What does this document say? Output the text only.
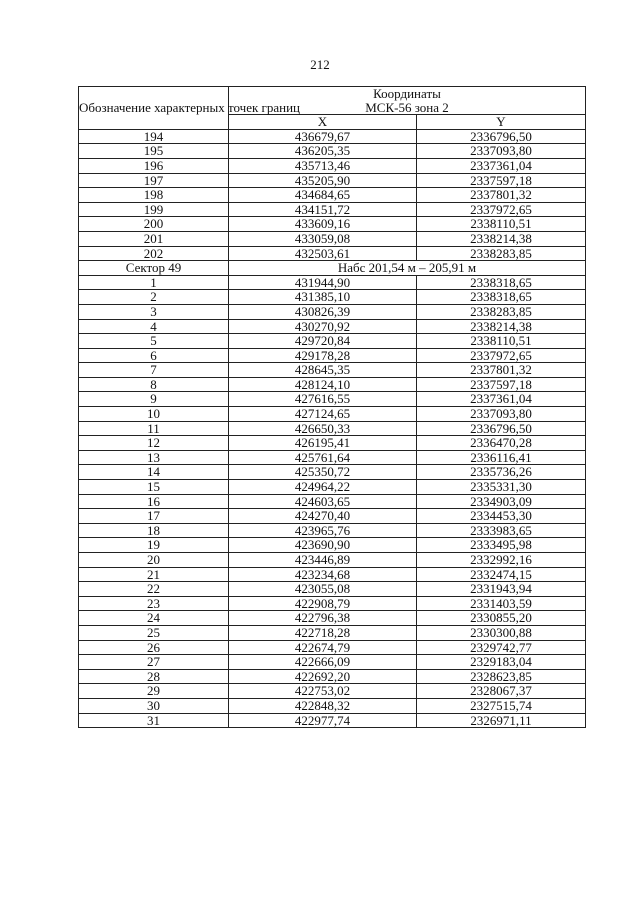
212
Обозначение характерных точек границ	Координаты
МСК-56 зона 2	

	X	Y
194	436679,67	2336796,50
195	436205,35	2337093,80
196	435713,46	2337361,04
197	435205,90	2337597,18
198	434684,65	2337801,32
199	434151,72	2337972,65
200	433609,16	2338110,51
201	433059,08	2338214,38
202	432503,61	2338283,85
Сектор 49	Набс 201,54 м – 205,91 м	
1	431944,90	2338318,65
2	431385,10	2338318,65
3	430826,39	2338283,85
4	430270,92	2338214,38
5	429720,84	2338110,51
6	429178,28	2337972,65
7	428645,35	2337801,32
8	428124,10	2337597,18
9	427616,55	2337361,04
10	427124,65	2337093,80
11	426650,33	2336796,50
12	426195,41	2336470,28
13	425761,64	2336116,41
14	425350,72	2335736,26
15	424964,22	2335331,30
16	424603,65	2334903,09
17	424270,40	2334453,30
18	423965,76	2333983,65
19	423690,90	2333495,98
20	423446,89	2332992,16
21	423234,68	2332474,15
22	423055,08	2331943,94
23	422908,79	2331403,59
24	422796,38	2330855,20
25	422718,28	2330300,88
26	422674,79	2329742,77
27	422666,09	2329183,04
28	422692,20	2328623,85
29	422753,02	2328067,37
30	422848,32	2327515,74
31	422977,74	2326971,11
